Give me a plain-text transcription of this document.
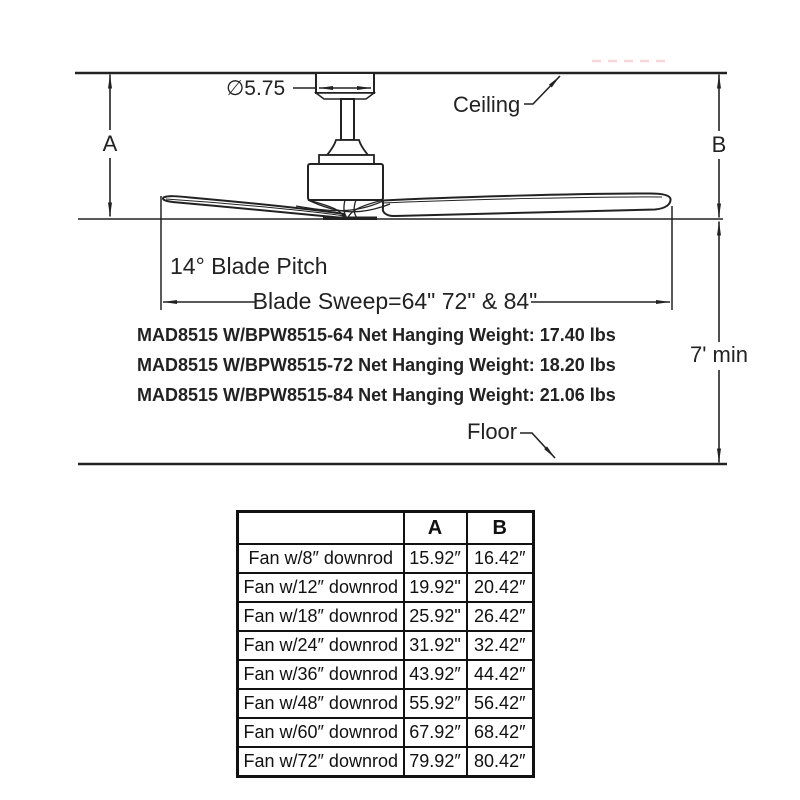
∅5.75
A	B
7' min
Blade Sweep=64" 72" & 84"
14° Blade Pitch
Ceiling
Floor
MAD8515 W/BPW8515-64 Net Hanging Weight: 17.40 lbs
MAD8515 W/BPW8515-72 Net Hanging Weight: 18.20 lbs
MAD8515 W/BPW8515-84 Net Hanging Weight: 21.06 lbs
	A	B
Fan w/8″ downrod	15.92″	16.42″
Fan w/12″ downrod	19.92"	20.42″
Fan w/18″ downrod	25.92"	26.42″
Fan w/24″ downrod	31.92"	32.42″
Fan w/36″ downrod	43.92″	44.42″
Fan w/48″ downrod	55.92″	56.42″
Fan w/60″ downrod	67.92″	68.42″
Fan w/72″ downrod	79.92″	80.42″
